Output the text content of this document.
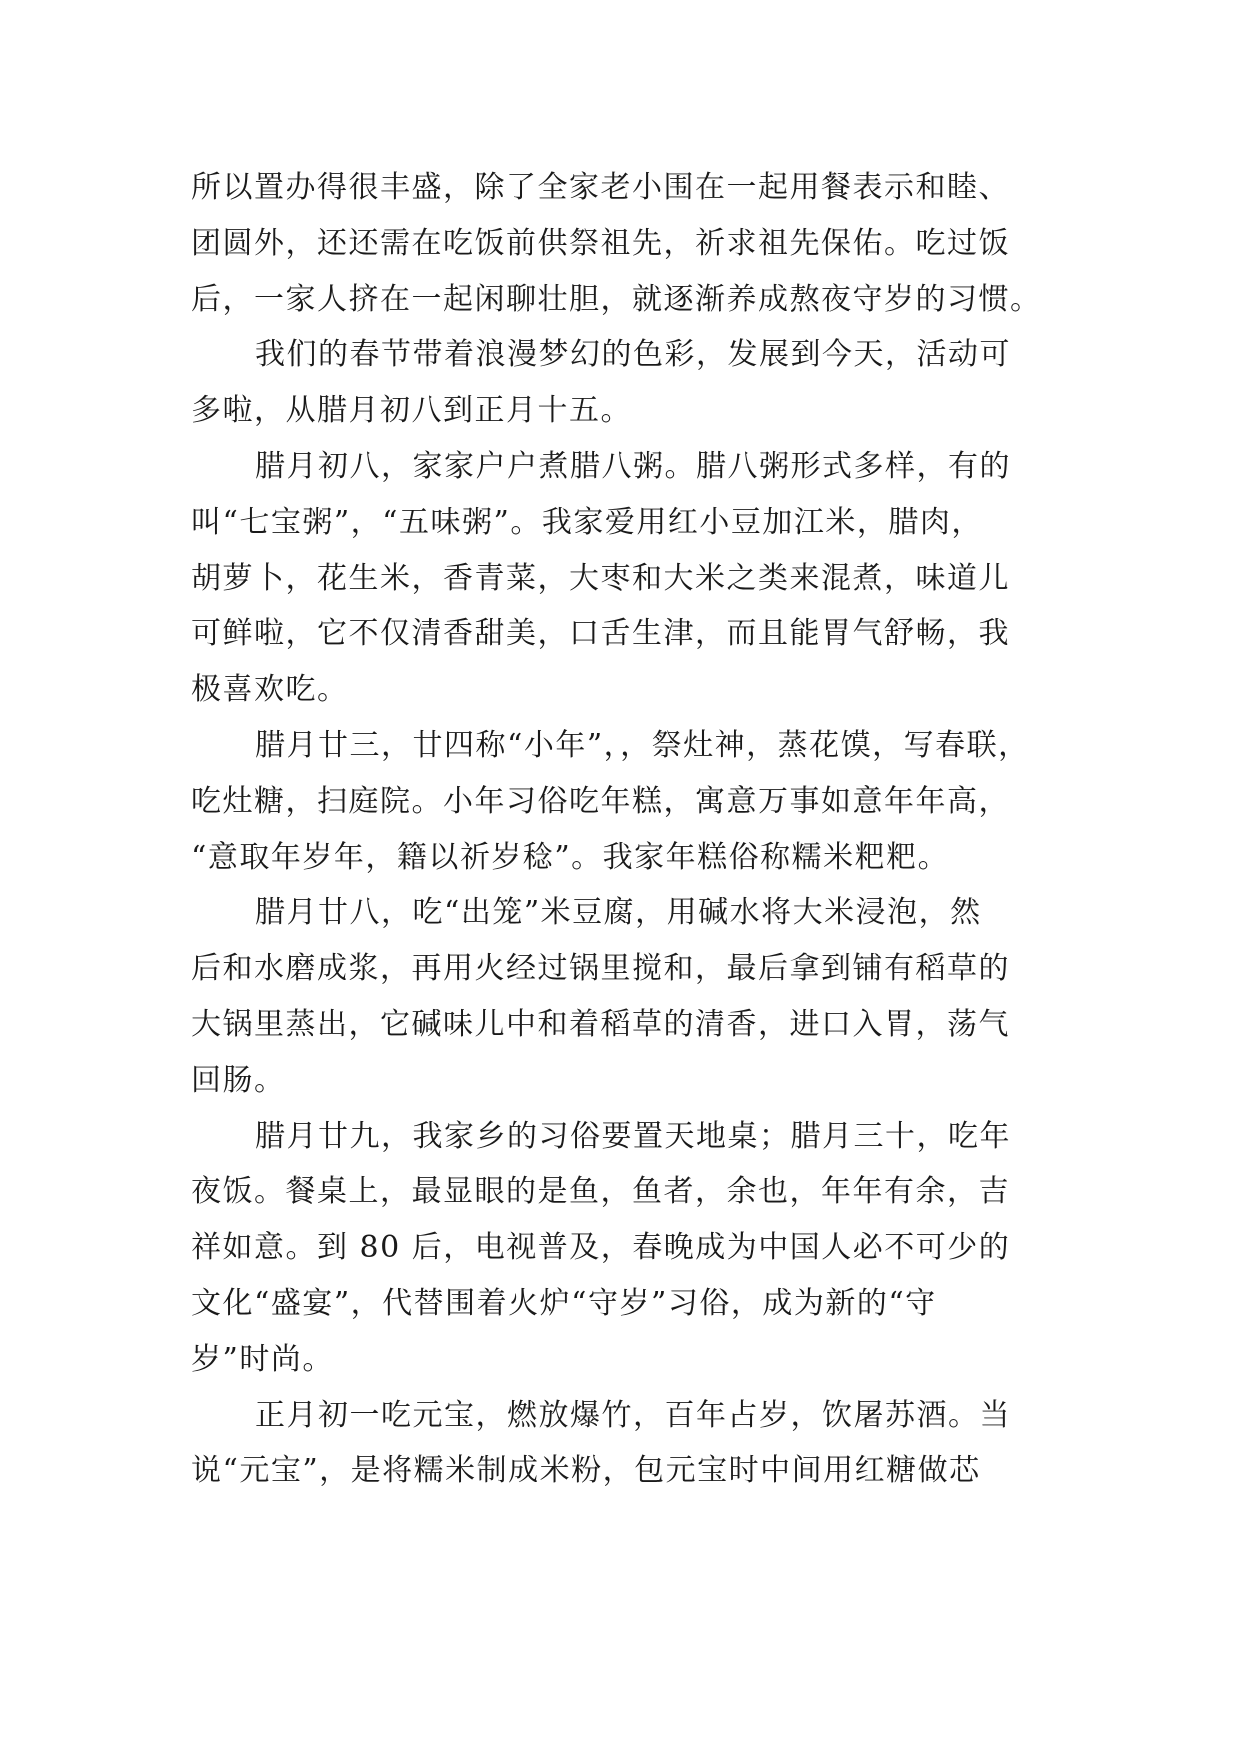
所以置办得很丰盛，除了全家老小围在一起用餐表示和睦、
团圆外，还还需在吃饭前供祭祖先，祈求祖先保佑。吃过饭
后，一家人挤在一起闲聊壮胆，就逐渐养成熬夜守岁的习惯。
我们的春节带着浪漫梦幻的色彩，发展到今天，活动可
多啦，从腊月初八到正月十五。
腊月初八，家家户户煮腊八粥。腊八粥形式多样，有的
叫“七宝粥”，“五味粥”。我家爱用红小豆加江米，腊肉，
胡萝卜，花生米，香青菜，大枣和大米之类来混煮，味道儿
可鲜啦，它不仅清香甜美，口舌生津，而且能胃气舒畅，我
极喜欢吃。
腊月廿三，廿四称“小年”，，祭灶神，蒸花馍，写春联，
吃灶糖，扫庭院。小年习俗吃年糕，寓意万事如意年年高，
“意取年岁年，籍以祈岁稔”。我家年糕俗称糯米粑粑。
腊月廿八，吃“出笼”米豆腐，用碱水将大米浸泡，然
后和水磨成浆，再用火经过锅里搅和，最后拿到铺有稻草的
大锅里蒸出，它碱味儿中和着稻草的清香，进口入胃，荡气
回肠。
腊月廿九，我家乡的习俗要置天地桌；腊月三十，吃年
夜饭。餐桌上，最显眼的是鱼，鱼者，余也，年年有余，吉
祥如意。到 80 后，电视普及，春晚成为中国人必不可少的
文化“盛宴”，代替围着火炉“守岁”习俗，成为新的“守
岁”时尚。
正月初一吃元宝，燃放爆竹，百年占岁，饮屠苏酒。当
说“元宝”，是将糯米制成米粉，包元宝时中间用红糖做芯
